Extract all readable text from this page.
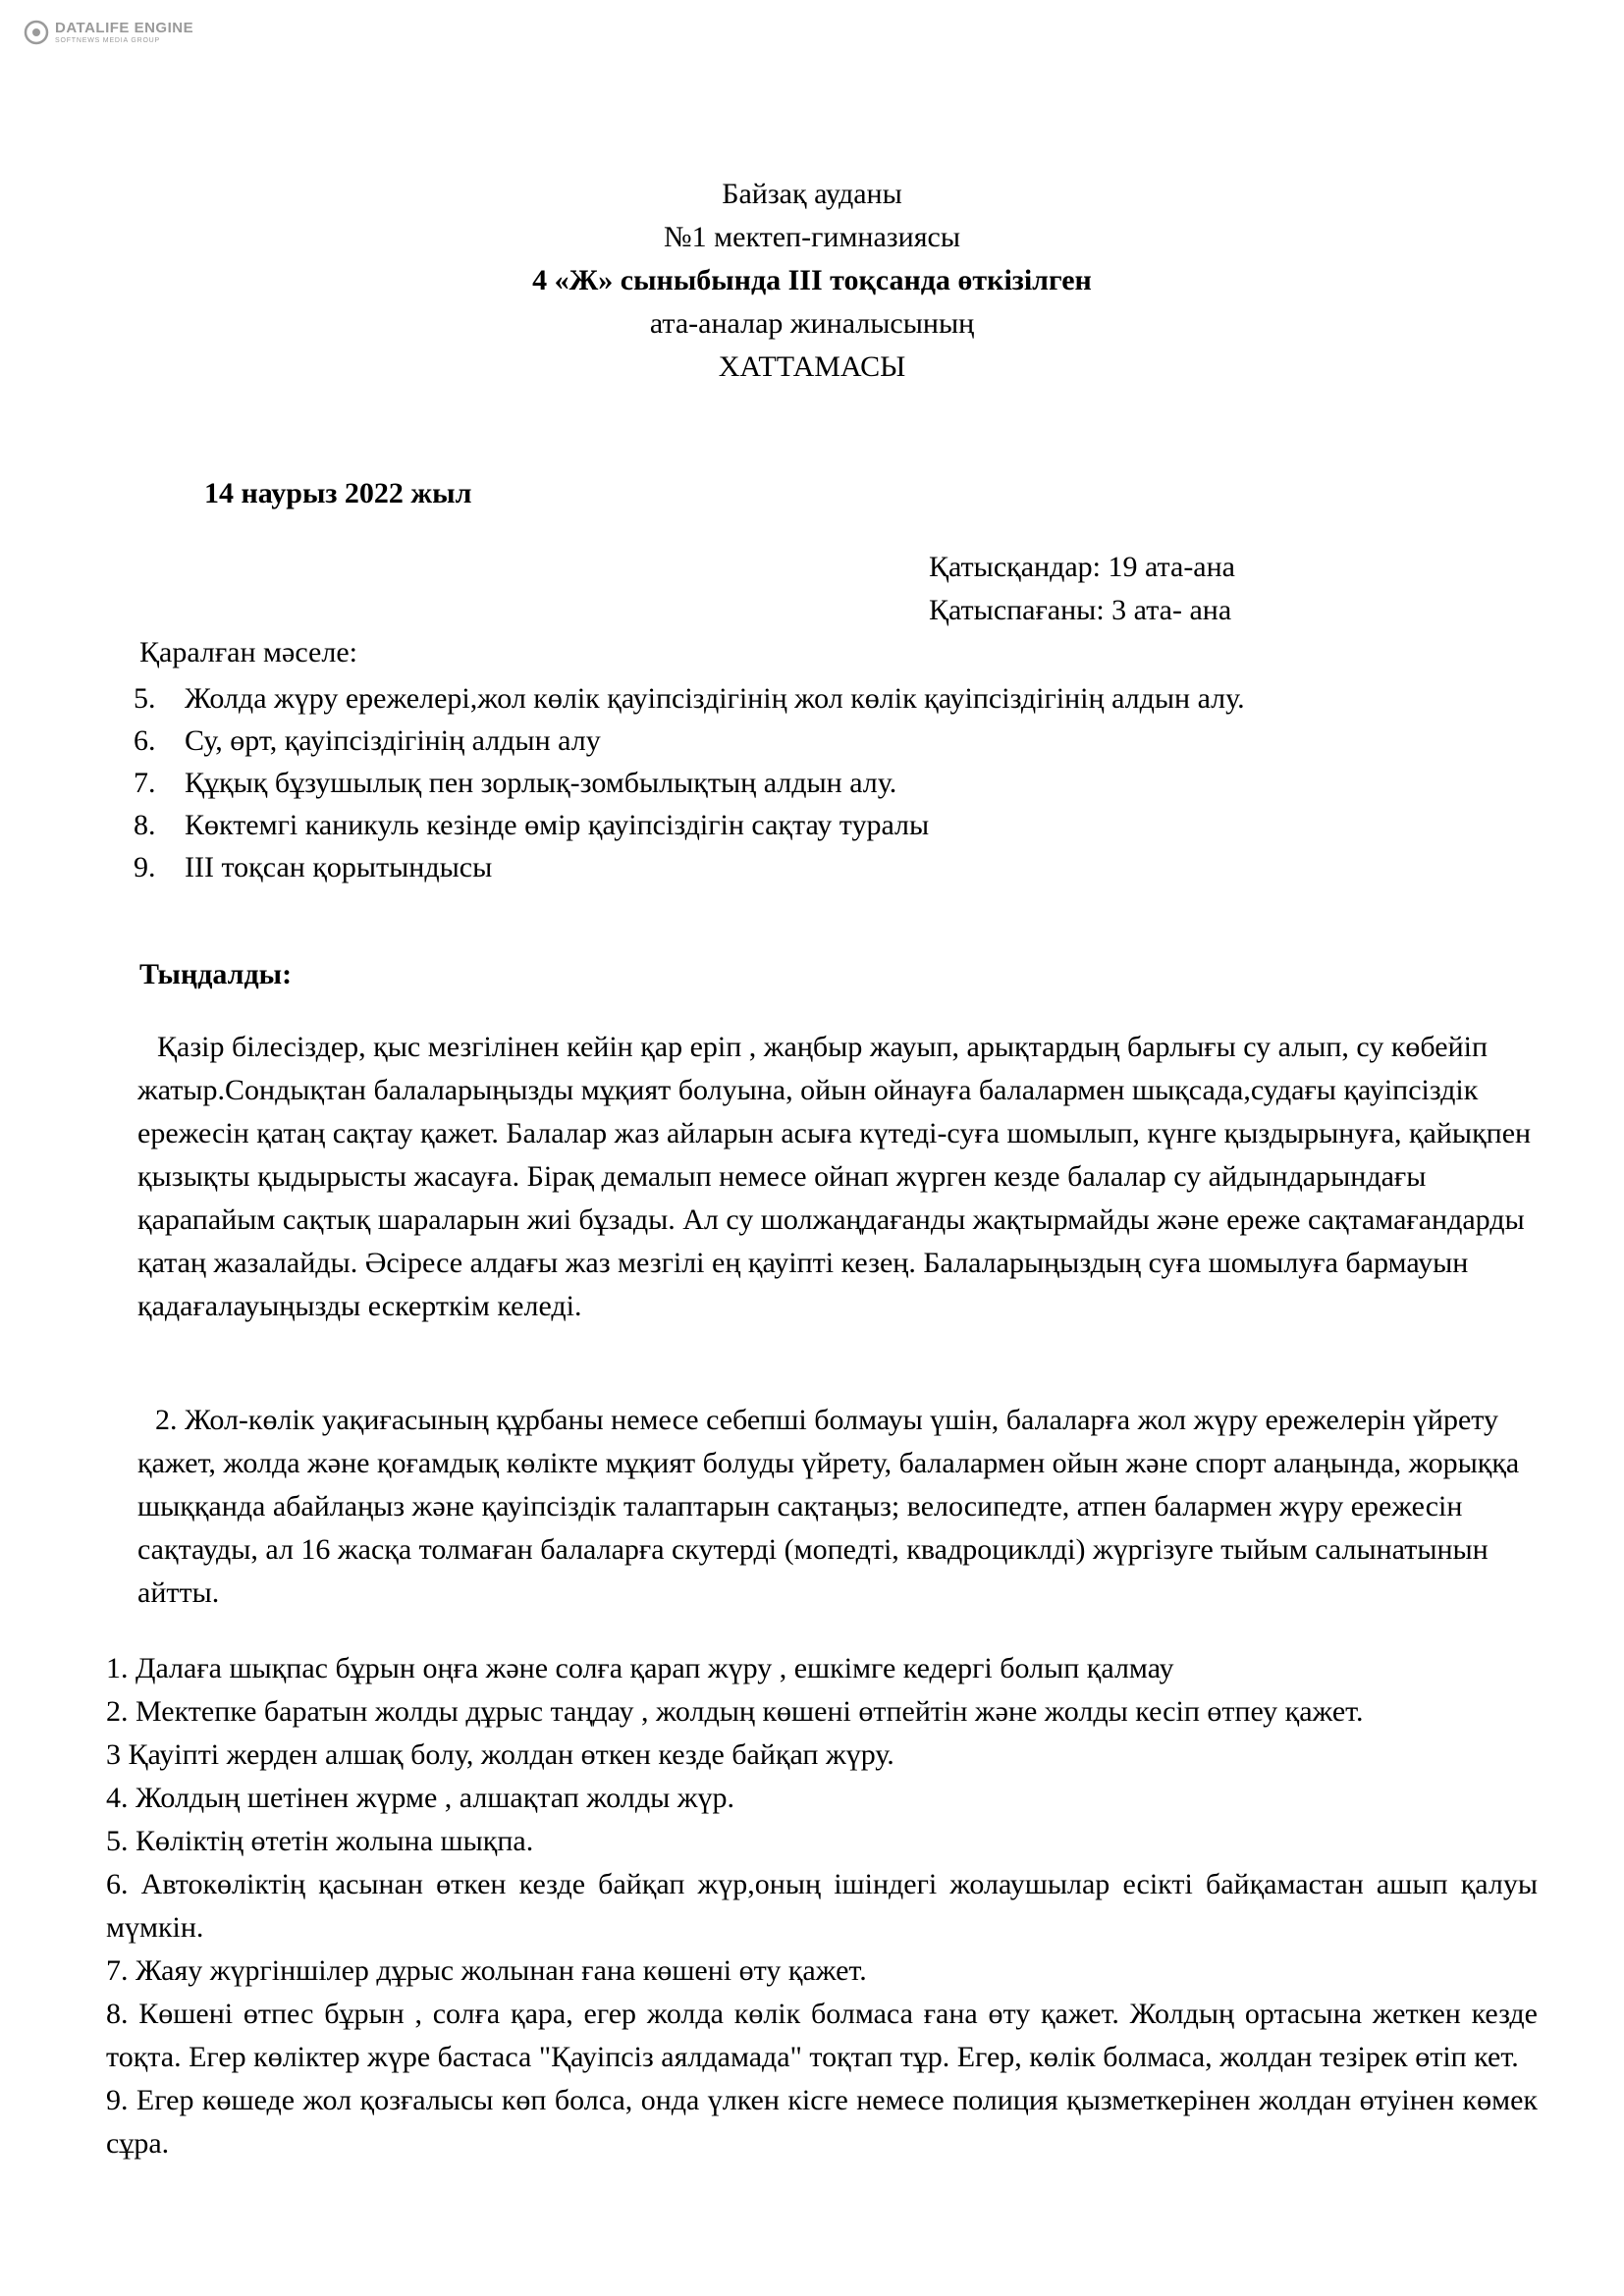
DATALIFE ENGINE
SOFTNEWS MEDIA GROUP
Байзақ ауданы
№1 мектеп-гимназиясы
4 «Ж» сыныбында ІІІ тоқсанда өткізілген
ата-аналар жиналысының
ХАТТАМАСЫ
14 наурыз 2022 жыл
Қатысқандар: 19 ата-ана
Қатыспағаны: 3 ата- ана
Қаралған мәселе:
5. Жолда жүру ережелері,жол көлік қауіпсіздігінің жол көлік қауіпсіздігінің алдын алу.
6. Су, өрт, қауіпсіздігінің алдын алу
7. Құқық бұзушылық пен зорлық-зомбылықтың алдын алу.
8. Көктемгі каникуль кезінде өмір қауіпсіздігін сақтау туралы
9. ІІІ тоқсан қорытындысы
Тыңдалды:

Қазір білесіздер, қыс мезгілінен кейін қар еріп , жаңбыр жауып, арықтардың барлығы су алып, су көбейіп жатыр.Сондықтан балаларыңызды мұқият болуына, ойын ойнауға балалармен шықсада,судағы қауіпсіздік ережесін қатаң сақтау қажет. Балалар жаз айларын асыға күтеді-суға шомылып, күнге қыздырынуға, қайықпен қызықты қыдырысты жасауға. Бірақ демалып немесе ойнап жүрген кезде балалар су айдындарындағы қарапайым сақтық шараларын жиі бұзады. Ал су шолжаңдағанды жақтырмайды және ереже сақтамағандарды қатаң жазалайды. Әсіресе алдағы жаз мезгілі ең қауіпті кезең. Балаларыңыздың суға шомылуға бармауын қадағалауыңызды ескерткім келеді.

2. Жол-көлік уақиғасының құрбаны немесе себепші болмауы үшін, балаларға жол жүру ережелерін үйрету қажет, жолда және қоғамдық көлікте мұқият болуды үйрету, балалармен ойын және спорт алаңында, жорыққа шыққанда абайлаңыз және қауіпсіздік талаптарын сақтаңыз; велосипедте, атпен балармен жүру ережесін сақтауды, ал 16 жасқа толмаған балаларға скутерді (мопедті, квадроциклді) жүргізуге тыйым салынатынын айтты.

1. Далаға шықпас бұрын оңға және солға қарап жүру , ешкімге кедергі болып қалмау
2. Мектепке баратын жолды дұрыс таңдау , жолдың көшені өтпейтін және жолды кесіп өтпеу қажет.
3 Қауіпті жерден алшақ болу, жолдан өткен кезде байқап жүру.
4. Жолдың шетінен жүрме , алшақтап жолды жүр.
5. Көліктің өтетін жолына шықпа.
6. Автокөліктің қасынан өткен кезде байқап жүр,оның ішіндегі жолаушылар есікті байқамастан ашып қалуы мүмкін.
7. Жаяу жүргіншілер дұрыс жолынан ғана көшені өту қажет.
8. Көшені өтпес бұрын , солға қара, егер жолда көлік болмаса ғана өту қажет. Жолдың ортасына жеткен кезде тоқта. Егер көліктер жүре бастаса "Қауіпсіз аялдамада" тоқтап тұр. Егер, көлік болмаса, жолдан тезірек өтіп кет.
9. Егер көшеде жол қозғалысы көп болса, онда үлкен кісге немесе полиция қызметкерінен жолдан өтуінен көмек сұра.
